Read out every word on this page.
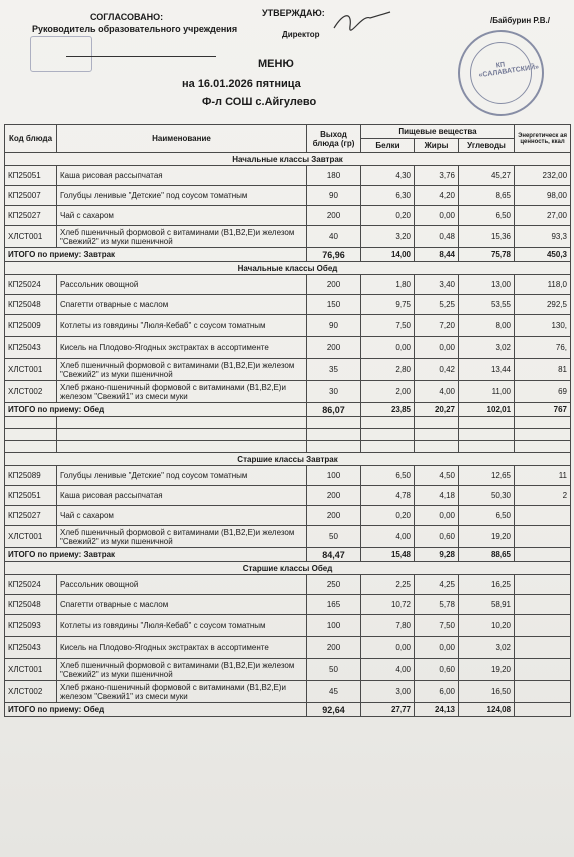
СОГЛАСОВАНО:
Руководитель образовательного учреждения
УТВЕРЖДАЮ:
Директор
/Байбурин Р.В./
КП «САЛАВАТСКИЙ»
МЕНЮ
на 16.01.2026 пятница
Ф-л СОШ с.Айгулево
Код блюда	Наименование	Выход блюда (гр)	Пищевые вещества			Энергетическ ая ценность, ккал
			Белки	Жиры	Углеводы	
Начальные классы Завтрак						
КП25051	Каша рисовая рассыпчатая	180	4,30	3,76	45,27	232,00
КП25007	Голубцы ленивые "Детские" под соусом томатным	90	6,30	4,20	8,65	98,00
КП25027	Чай с сахаром	200	0,20	0,00	6,50	27,00
ХЛСТ001	Хлеб пшеничный формовой с витаминами (В1,В2,Е)и железом "Свежий2" из муки пшеничной	40	3,20	0,48	15,36	93,3
ИТОГО по приему: Завтрак		76,96	14,00	8,44	75,78	450,3
Начальные классы Обед						
КП25024	Рассольник овощной	200	1,80	3,40	13,00	118,0
КП25048	Спагетти отварные с маслом	150	9,75	5,25	53,55	292,5
КП25009	Котлеты из говядины "Люля-Кебаб" с соусом томатным	90	7,50	7,20	8,00	130,
КП25043	Кисель на Плодово-Ягодных экстрактах в ассортименте	200	0,00	0,00	3,02	76,
ХЛСТ001	Хлеб пшеничный формовой с витаминами (В1,В2,Е)и железом "Свежий2" из муки пшеничной	35	2,80	0,42	13,44	81
ХЛСТ002	Хлеб ржано-пшеничный формовой с витаминами (В1,В2,Е)и железом "Свежий1" из смеси муки	30	2,00	4,00	11,00	69
ИТОГО по приему: Обед		86,07	23,85	20,27	102,01	767

Старшие классы Завтрак						
КП25089	Голубцы ленивые "Детские" под соусом томатным	100	6,50	4,50	12,65	11
КП25051	Каша рисовая рассыпчатая	200	4,78	4,18	50,30	2
КП25027	Чай с сахаром	200	0,20	0,00	6,50	
ХЛСТ001	Хлеб пшеничный формовой с витаминами (В1,В2,Е)и железом "Свежий2" из муки пшеничной	50	4,00	0,60	19,20	
ИТОГО по приему: Завтрак		84,47	15,48	9,28	88,65	
Старшие классы Обед						
КП25024	Рассольник овощной	250	2,25	4,25	16,25	
КП25048	Спагетти отварные с маслом	165	10,72	5,78	58,91	
КП25093	Котлеты из говядины "Люля-Кебаб" с соусом томатным	100	7,80	7,50	10,20	
КП25043	Кисель на Плодово-Ягодных экстрактах в ассортименте	200	0,00	0,00	3,02	
ХЛСТ001	Хлеб пшеничный формовой с витаминами (В1,В2,Е)и железом "Свежий2" из муки пшеничной	50	4,00	0,60	19,20	
ХЛСТ002	Хлеб ржано-пшеничный формовой с витаминами (В1,В2,Е)и железом "Свежий1" из смеси муки	45	3,00	6,00	16,50	
ИТОГО по приему: Обед		92,64	27,77	24,13	124,08	
